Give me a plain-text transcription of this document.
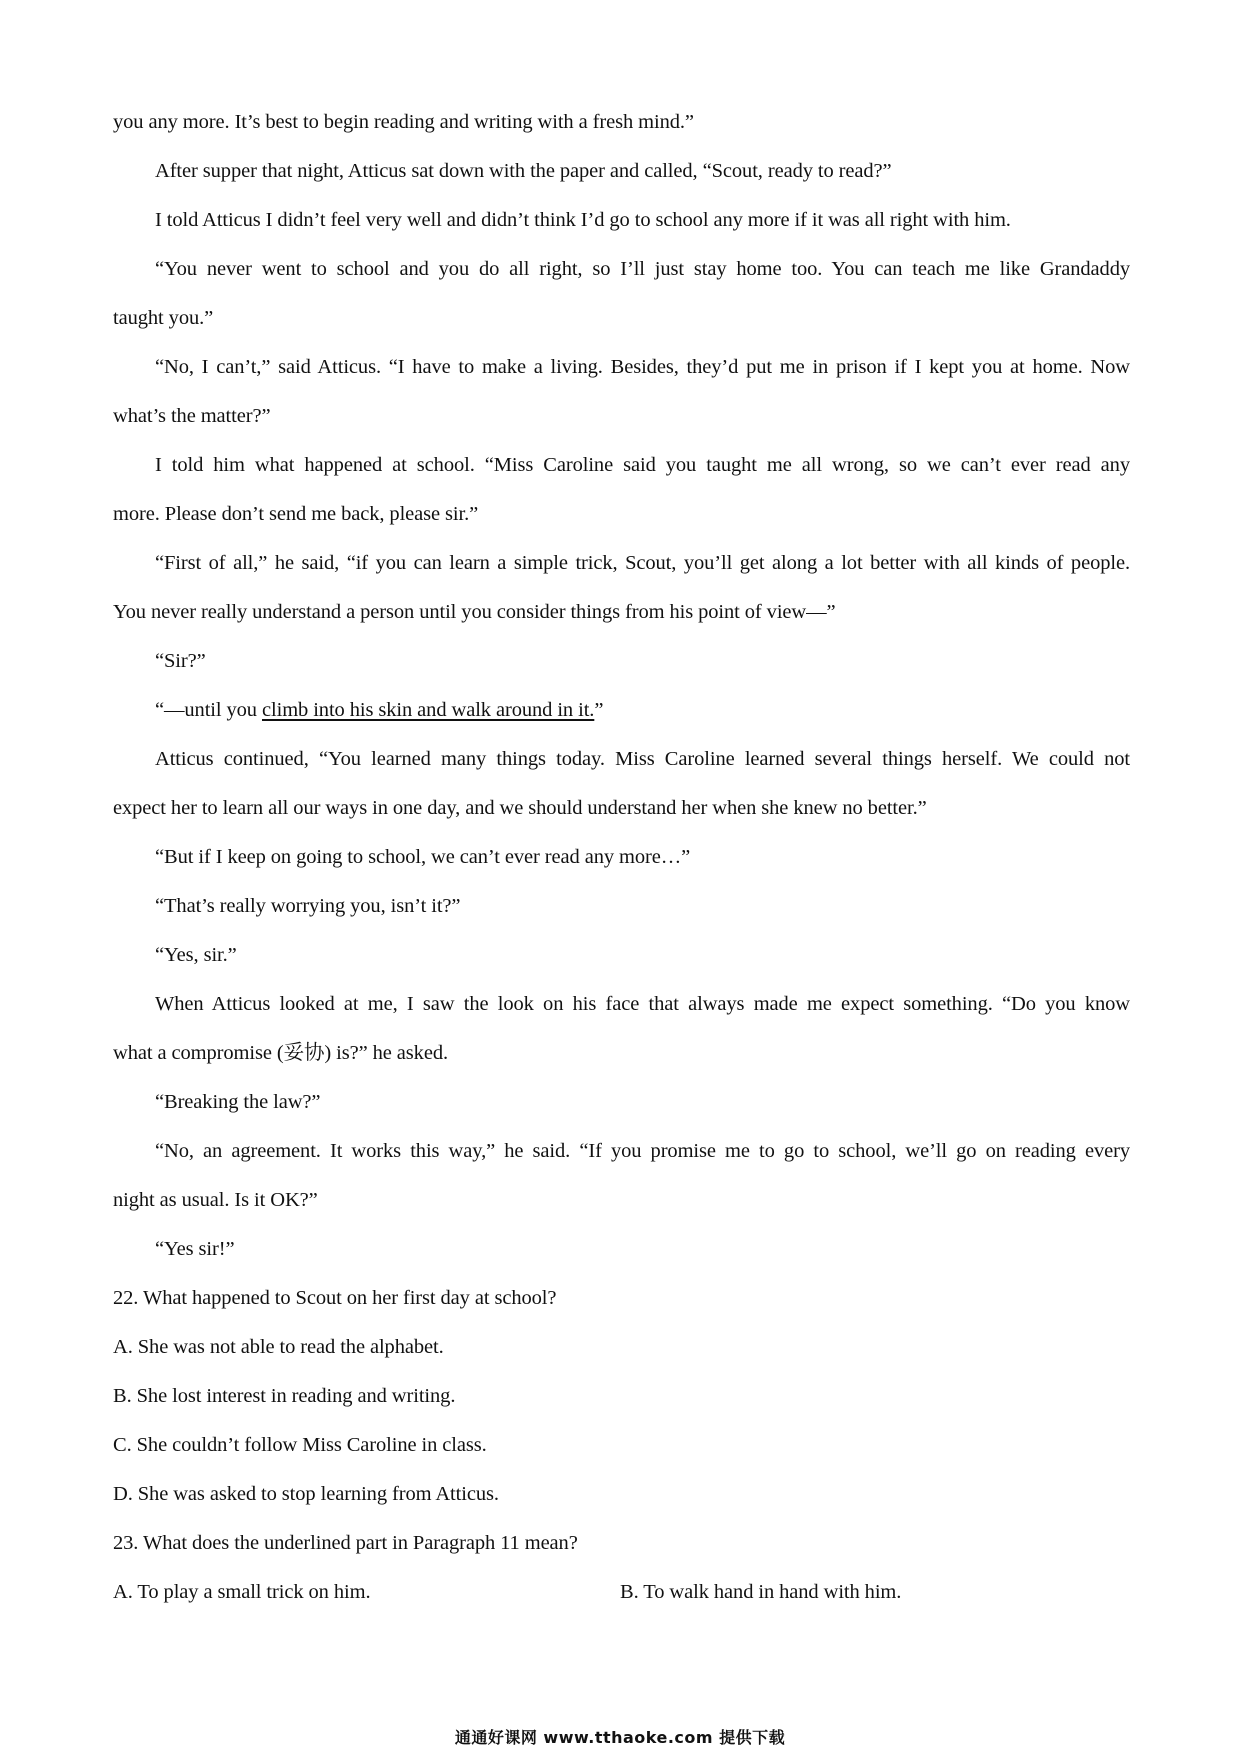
you any more. It’s best to begin reading and writing with a fresh mind.”
After supper that night, Atticus sat down with the paper and called, “Scout, ready to read?”
I told Atticus I didn’t feel very well and didn’t think I’d go to school any more if it was all right with him.
“You never went to school and you do all right, so I’ll just stay home too. You can teach me like Grandaddy
taught you.”
“No, I can’t,” said Atticus. “I have to make a living. Besides, they’d put me in prison if I kept you at home. Now
what’s the matter?”
I told him what happened at school. “Miss Caroline said you taught me all wrong, so we can’t ever read any
more. Please don’t send me back, please sir.”
“First of all,” he said, “if you can learn a simple trick, Scout, you’ll get along a lot better with all kinds of people.
You never really understand a person until you consider things from his point of view—”
“Sir?”
“—until you climb into his skin and walk around in it.”
Atticus continued, “You learned many things today. Miss Caroline learned several things herself. We could not
expect her to learn all our ways in one day, and we should understand her when she knew no better.”
“But if I keep on going to school, we can’t ever read any more…”
“That’s really worrying you, isn’t it?”
“Yes, sir.”
When Atticus looked at me, I saw the look on his face that always made me expect something. “Do you know
what a compromise (妥协) is?” he asked.
“Breaking the law?”
“No, an agreement. It works this way,” he said. “If you promise me to go to school, we’ll go on reading every
night as usual. Is it OK?”
“Yes sir!”
22. What happened to Scout on her first day at school?
A. She was not able to read the alphabet.
B. She lost interest in reading and writing.
C. She couldn’t follow Miss Caroline in class.
D. She was asked to stop learning from Atticus.
23. What does the underlined part in Paragraph 11 mean?
A. To play a small trick on him.	B. To walk hand in hand with him.
通通好课网 www.tthaoke.com 提供下载
